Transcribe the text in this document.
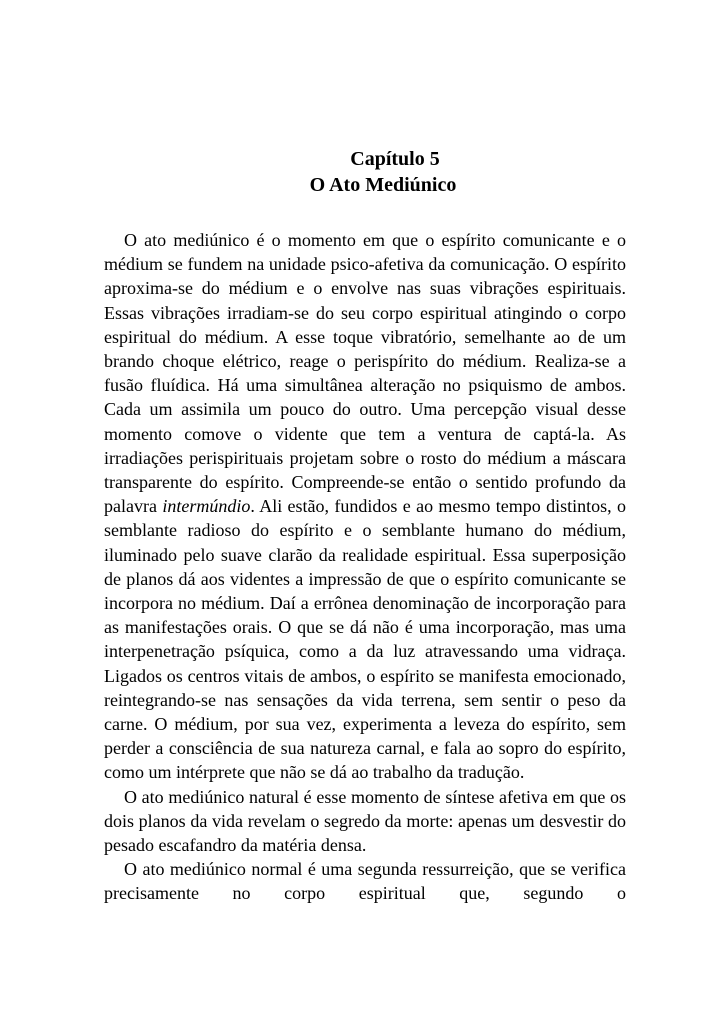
Capítulo 5
O Ato Mediúnico

O ato mediúnico é o momento em que o espírito comunicante e o médium se fundem na unidade psico-afetiva da comunicação. O espírito aproxima-se do médium e o envolve nas suas vibrações espirituais. Essas vibrações irradiam-se do seu corpo espiritual atingindo o corpo espiritual do médium. A esse toque vibratório, semelhante ao de um brando choque elétrico, reage o perispírito do médium. Realiza-se a fusão fluídica. Há uma simultânea alteração no psiquismo de ambos. Cada um assimila um pouco do outro. Uma percepção visual desse momento comove o vidente que tem a ventura de captá-la. As irradiações perispirituais projetam sobre o rosto do médium a máscara transparente do espírito. Compreende-se então o sentido profundo da palavra intermúndio. Ali estão, fundidos e ao mesmo tempo distintos, o semblante radioso do espírito e o semblante humano do médium, iluminado pelo suave clarão da realidade espiritual. Essa superposição de planos dá aos videntes a impressão de que o espírito comunicante se incorpora no médium. Daí a errônea denominação de incorporação para as manifestações orais. O que se dá não é uma incorporação, mas uma interpenetração psíquica, como a da luz atravessando uma vidraça. Ligados os centros vitais de ambos, o espírito se manifesta emocionado, reintegrando-se nas sensações da vida terrena, sem sentir o peso da carne. O médium, por sua vez, experimenta a leveza do espírito, sem perder a consciência de sua natureza carnal, e fala ao sopro do espírito, como um intérprete que não se dá ao trabalho da tradução.

O ato mediúnico natural é esse momento de síntese afetiva em que os dois planos da vida revelam o segredo da morte: apenas um desvestir do pesado escafandro da matéria densa.

O ato mediúnico normal é uma segunda ressurreição, que se verifica precisamente no corpo espiritual que, segundo o
